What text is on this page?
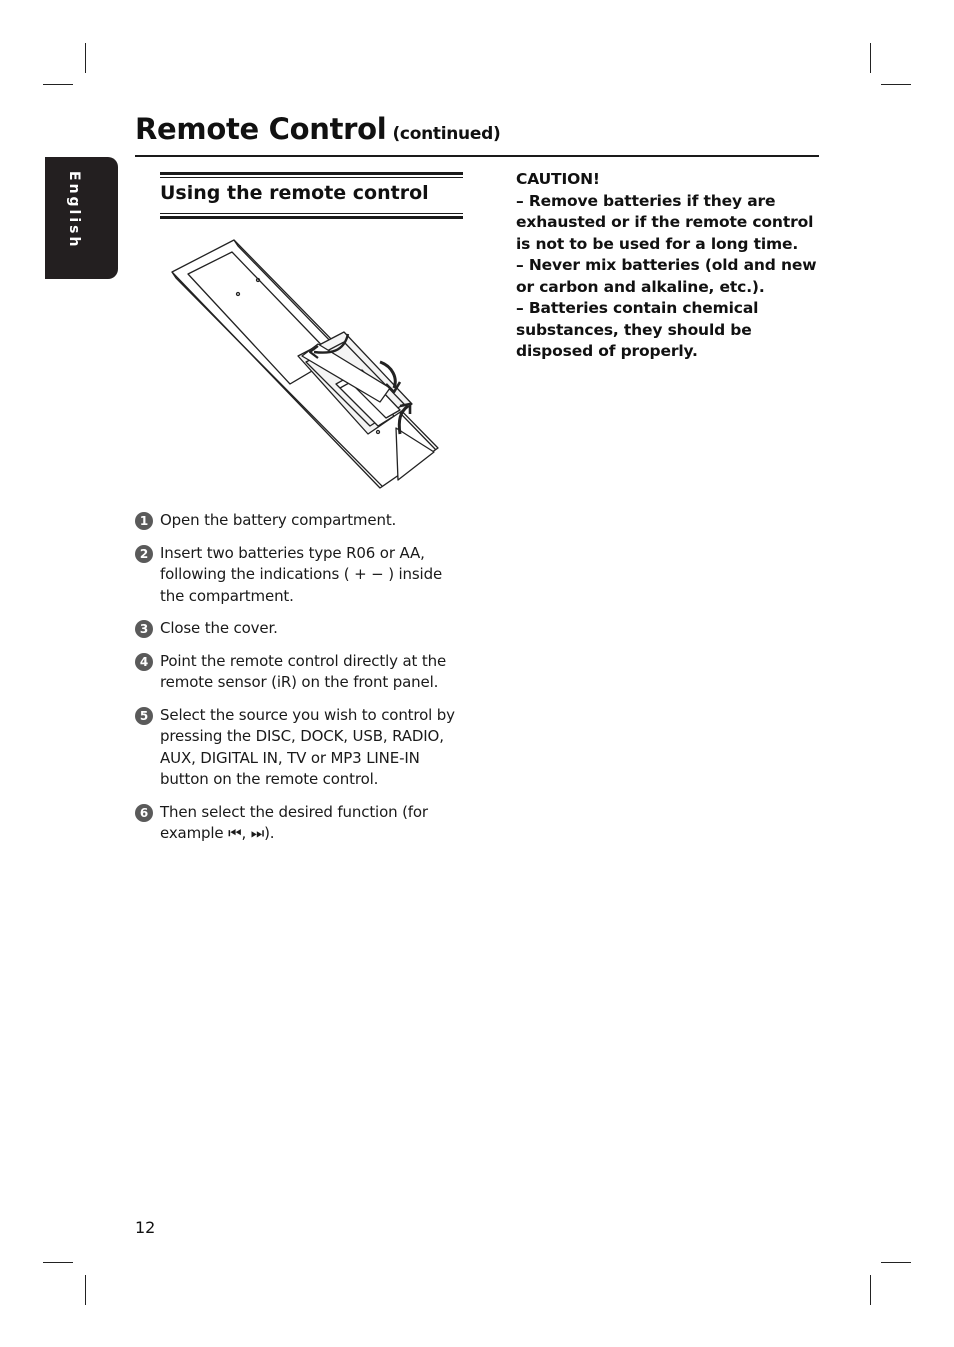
English
Remote Control (continued)
Using the remote control
1 Open the battery compartment.
2 Insert two batteries type R06 or AA, following the indications ( + − ) inside the compartment.
3 Close the cover.
4 Point the remote control directly at the remote sensor (iR) on the front panel.
5 Select the source you wish to control by pressing the DISC, DOCK, USB, RADIO, AUX, DIGITAL IN, TV or MP3 LINE-IN button on the remote control.
6 Then select the desired function (for example ⏮, ⏭).

CAUTION!

– Remove batteries if they are exhausted or if the remote control is not to be used for a long time.

– Never mix batteries (old and new or carbon and alkaline, etc.).

– Batteries contain chemical substances, they should be disposed of properly.

12
